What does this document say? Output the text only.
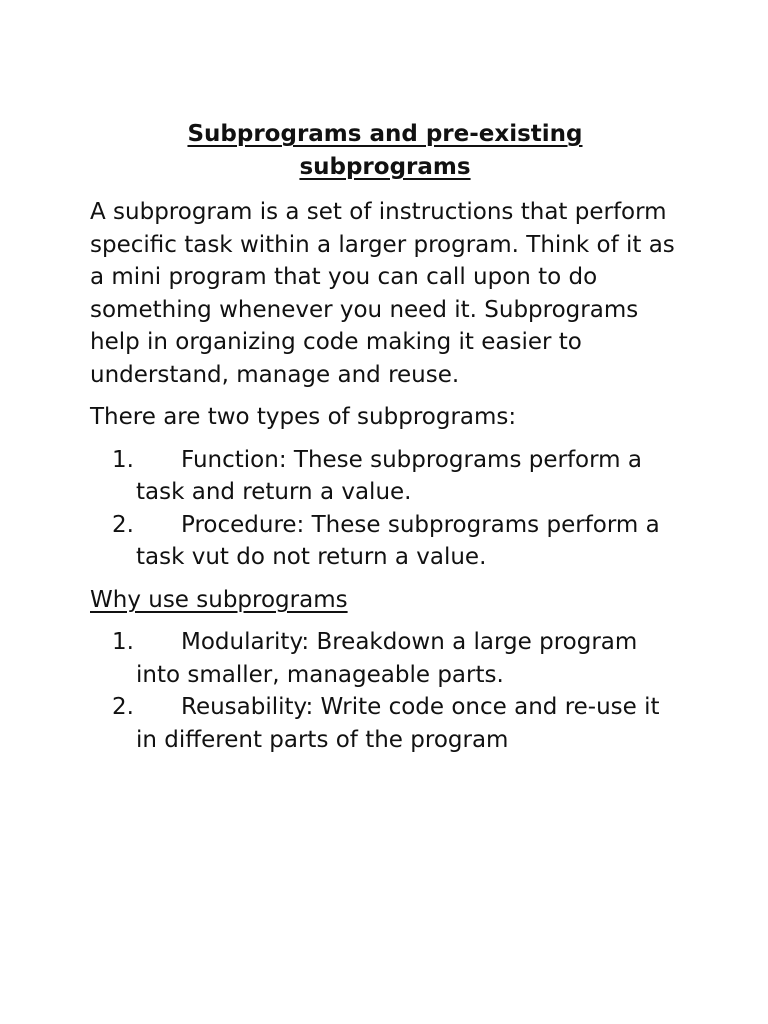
Subprograms and pre-existing subprograms

A subprogram is a set of instructions that perform specific task within a larger program. Think of it as a mini program that you can call upon to do something whenever you need it. Subprograms help in organizing code making it easier to understand, manage and reuse.

There are two types of subprograms:

1. Function: These subprograms perform a task and return a value.
2. Procedure: These subprograms perform a task vut do not return a value.

Why use subprograms

1. Modularity: Breakdown a large program into smaller, manageable parts.
2. Reusability: Write code once and re-use it in different parts of the program
